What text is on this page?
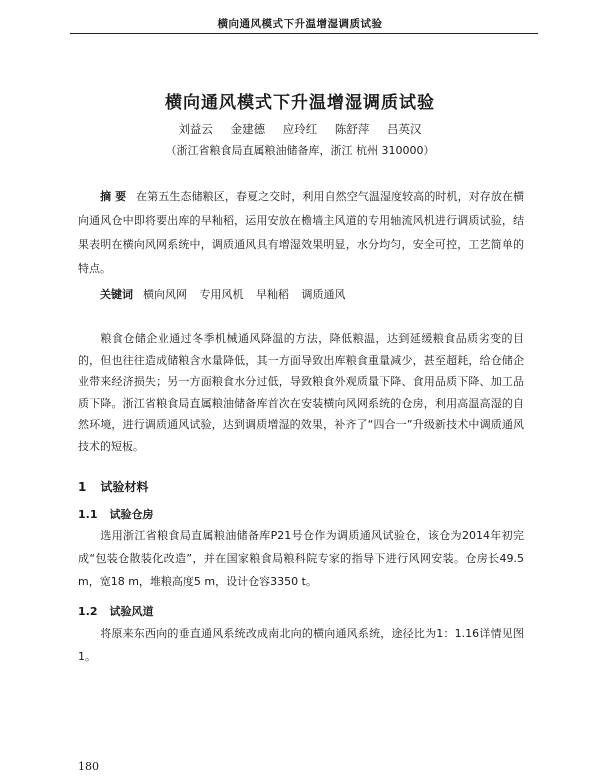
横向通风模式下升温增湿调质试验
横向通风模式下升温增湿调质试验
刘益云 金建德 应玲红 陈舒萍 吕英汉
（浙江省粮食局直属粮油储备库，浙江 杭州 310000）
摘 要 在第五生态储粮区，春夏之交时，利用自然空气温湿度较高的时机，对存放在横向通风仓中即将要出库的早籼稻，运用安放在檐墙主风道的专用轴流风机进行调质试验，结果表明在横向风网系统中，调质通风具有增湿效果明显，水分均匀，安全可控，工艺简单的特点。
关键词 横向风网 专用风机 早籼稻 调质通风
粮食仓储企业通过冬季机械通风降温的方法，降低粮温，达到延缓粮食品质劣变的目的，但也往往造成储粮含水量降低，其一方面导致出库粮食重量减少，甚至超耗，给仓储企业带来经济损失；另一方面粮食水分过低，导致粮食外观质量下降、食用品质下降、加工品质下降。浙江省粮食局直属粮油储备库首次在安装横向风网系统的仓房，利用高温高湿的自然环境，进行调质通风试验，达到调质增湿的效果，补齐了“四合一”升级新技术中调质通风技术的短板。
1 试验材料
1.1 试验仓房
选用浙江省粮食局直属粮油储备库P21号仓作为调质通风试验仓，该仓为2014年初完成“包装仓散装化改造”，并在国家粮食局粮科院专家的指导下进行风网安装。仓房长49.5 m，宽18 m，堆粮高度5 m，设计仓容3350 t。
1.2 试验风道
将原来东西向的垂直通风系统改成南北向的横向通风系统，途径比为1：1.16详情见图1。
180
